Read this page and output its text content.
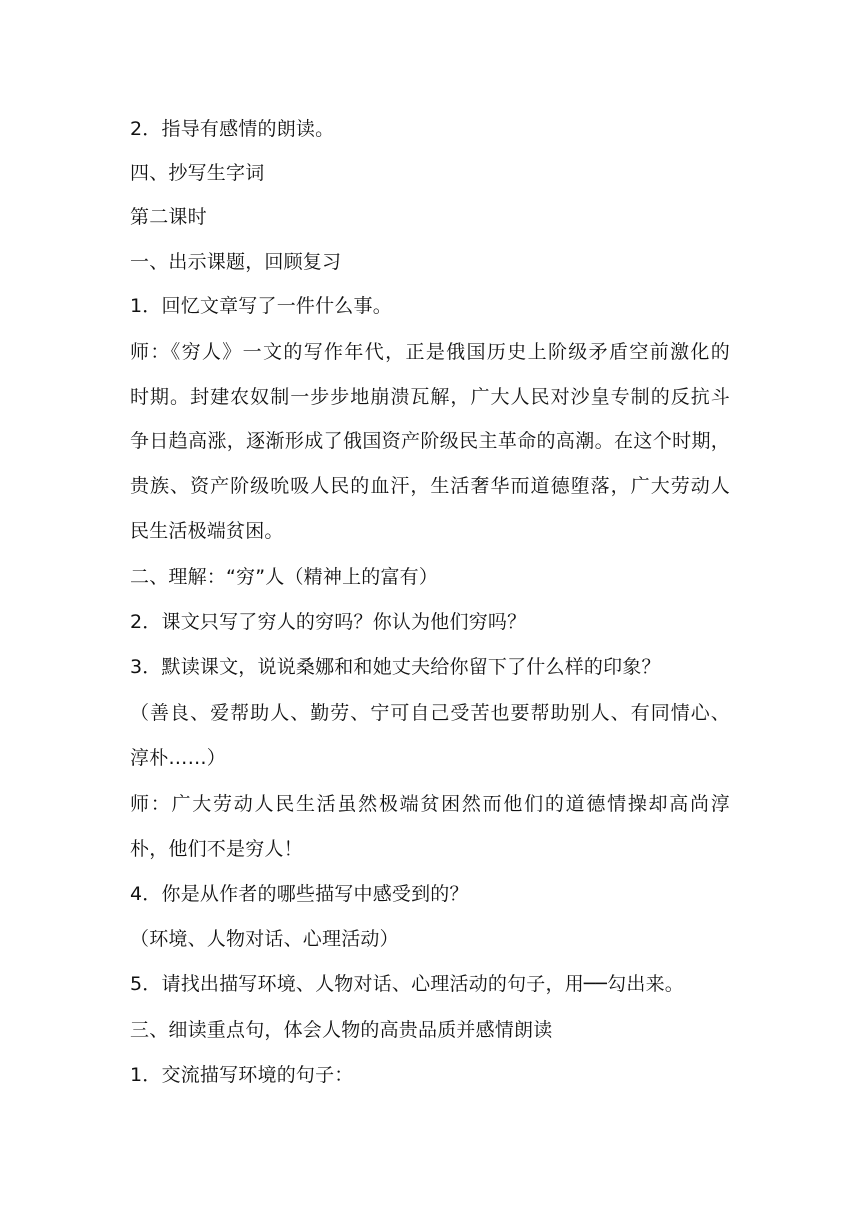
2．指导有感情的朗读。
四、抄写生字词
第二课时
一、出示课题，回顾复习
1．回忆文章写了一件什么事。
师：《穷人》一文的写作年代，正是俄国历史上阶级矛盾空前激化的
时期。封建农奴制一步步地崩溃瓦解，广大人民对沙皇专制的反抗斗
争日趋高涨，逐渐形成了俄国资产阶级民主革命的高潮。在这个时期，
贵族、资产阶级吮吸人民的血汗，生活奢华而道德堕落，广大劳动人
民生活极端贫困。
二、理解：“穷”人（精神上的富有）
2．课文只写了穷人的穷吗？你认为他们穷吗？
3．默读课文，说说桑娜和和她丈夫给你留下了什么样的印象？
（善良、爱帮助人、勤劳、宁可自己受苦也要帮助别人、有同情心、
淳朴……）
师：广大劳动人民生活虽然极端贫困然而他们的道德情操却高尚淳
朴，他们不是穷人！
4．你是从作者的哪些描写中感受到的？
（环境、人物对话、心理活动）
5．请找出描写环境、人物对话、心理活动的句子，用──勾出来。
三、细读重点句，体会人物的高贵品质并感情朗读
1．交流描写环境的句子：
